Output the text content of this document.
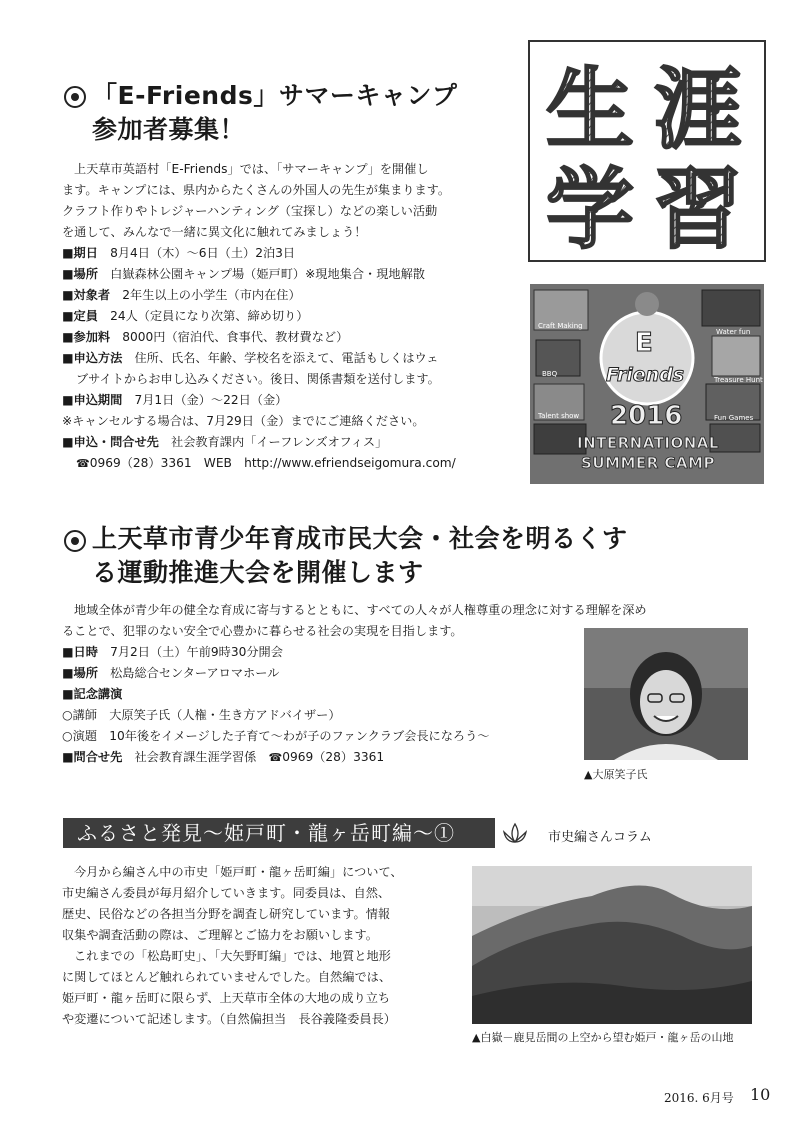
「E-Friends」サマーキャンプ
参加者募集！

上天草市英語村「E-Friends」では、「サマーキャンプ」を開催し

ます。キャンプには、県内からたくさんの外国人の先生が集まります。

クラフト作りやトレジャーハンティング（宝探し）などの楽しい活動

を通して、みんなで一緒に異文化に触れてみましょう！

■期日　 8月4日（木）～6日（土）2泊3日

■場所　 白嶽森林公園キャンプ場（姫戸町）※現地集合・現地解散

■対象者　 2年生以上の小学生（市内在住）

■定員　 24人（定員になり次第、締め切り）

■参加料　 8000円（宿泊代、食事代、教材費など）

■申込方法　 住所、氏名、年齢、学校名を添えて、電話もしくはウェ

ブサイトからお申し込みください。後日、関係書類を送付します。

■申込期間　 7月1日（金）～22日（金）

※キャンセルする場合は、7月29日（金）までにご連絡ください。

■申込・問合せ先　 社会教育課内「イーフレンズオフィス」

☎ 0969（28）3361　WEB　http://www.efriendseigomura.com/

生 涯
学 習
E
Friends
2016
INTERNATIONAL
SUMMER CAMP
Craft Making
Water fun
BBQ
Treasure Hunt
Talent show	Fun Games
上天草市青少年育成市民大会・社会を明るくす
る運動推進大会を開催します

地域全体が青少年の健全な育成に寄与するとともに、すべての人々が人権尊重の理念に対する理解を深め

ることで、犯罪のない安全で心豊かに暮らせる社会の実現を目指します。

■日時　 7月2日（土）午前9時30分開会

■場所　 松島総合センターアロマホール

■記念講演

○講師　大原笑子氏（人権・生き方アドバイザー）

○演題　10年後をイメージした子育て～わが子のファンクラブ会長になろう～

■問合せ先　 社会教育課生涯学習係　☎ 0969（28）3361

▲大原笑子氏
ふるさと発見～姫戸町・龍ヶ岳町編～①	市史編さんコラム

今月から編さん中の市史「姫戸町・龍ヶ岳町編」について、

市史編さん委員が毎月紹介していきます。同委員は、自然、

歴史、民俗などの各担当分野を調査し研究しています。情報

収集や調査活動の際は、ご理解とご協力をお願いします。

これまでの「松島町史」、「大矢野町編」では、地質と地形

に関してほとんど触れられていませんでした。自然編では、

姫戸町・龍ヶ岳町に限らず、上天草市全体の大地の成り立ち

や変遷について記述します。（自然偏担当　長谷義隆委員長）

▲白嶽－鹿見岳間の上空から望む姫戸・龍ヶ岳の山地
2016. 6月号 10
